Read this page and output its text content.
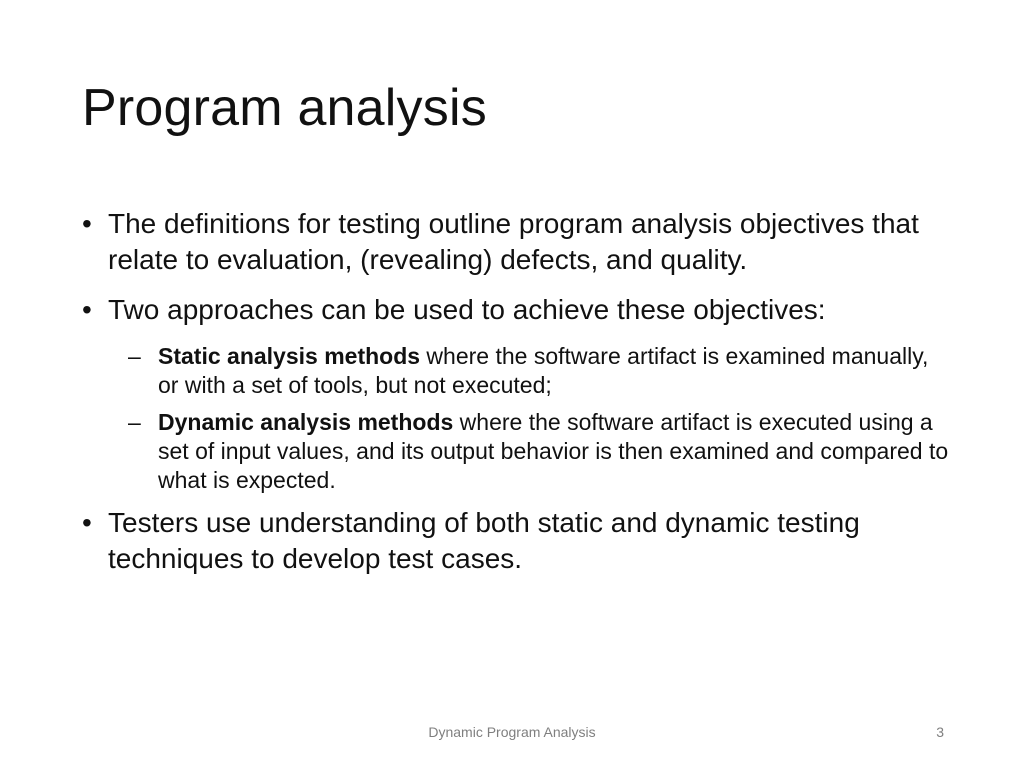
Program analysis
• The definitions for testing outline program analysis objectives that relate to evaluation, (revealing) defects, and quality.
• Two approaches can be used to achieve these objectives:
– Static analysis methods where the software artifact is examined manually, or with a set of tools, but not executed;
– Dynamic analysis methods where the software artifact is executed using a set of input values, and its output behavior is then examined and compared to what is expected.
• Testers use understanding of both static and dynamic testing techniques to develop test cases.
Dynamic Program Analysis	3
